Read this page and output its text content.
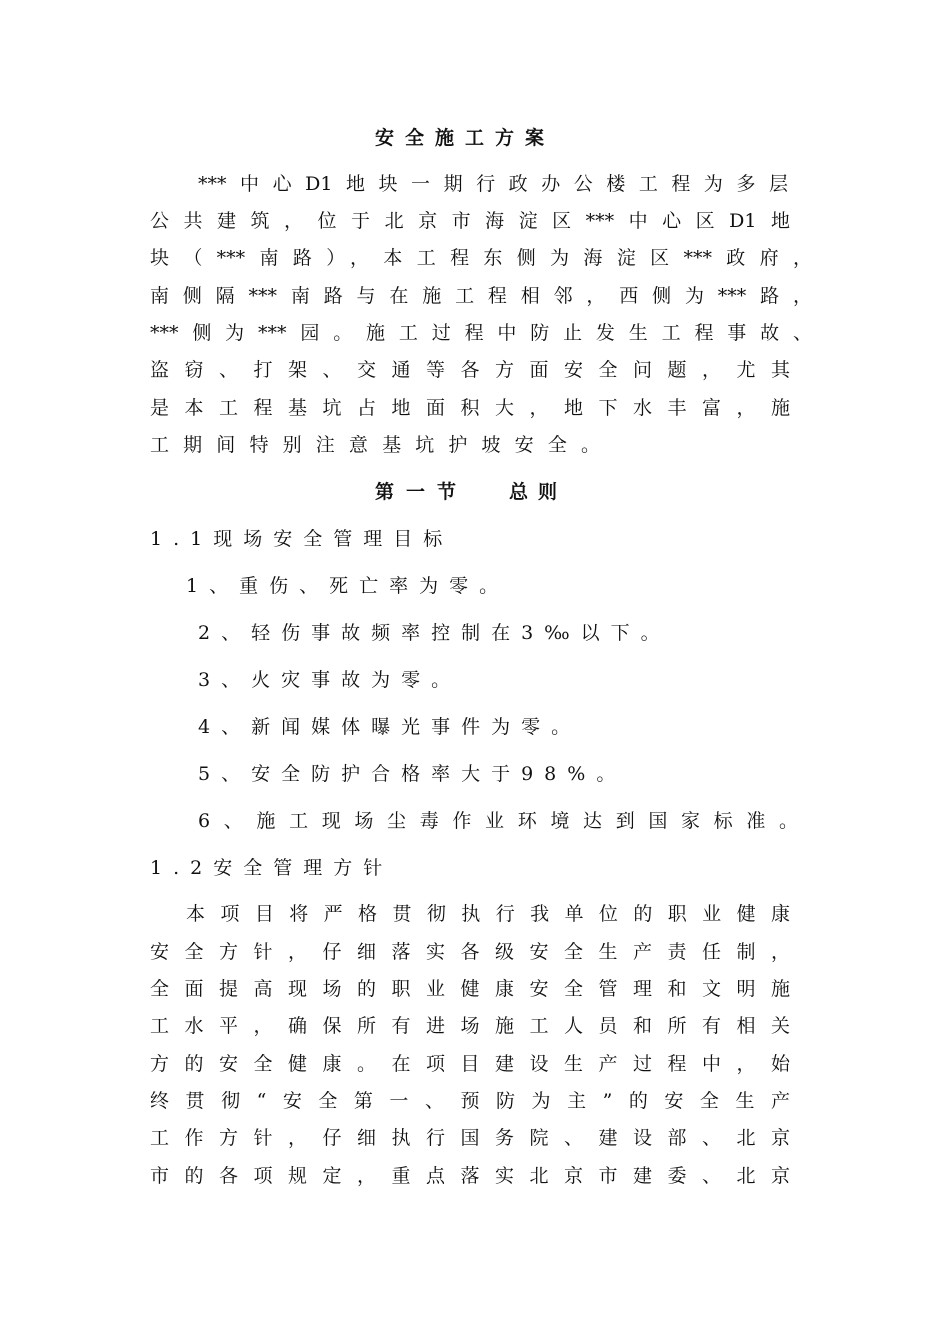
安全施工方案
***中心D1地块一期行政办公楼工程为多层
公共建筑，位于北京市海淀区***中心区D1地
块（***南路），本工程东侧为海淀区***政府，
南侧隔***南路与在施工程相邻，西侧为***路，
***侧为***园。施工过程中防止发生工程事故、
盗窃、打架、交通等各方面安全问题，尤其
是本工程基坑占地面积大，地下水丰富，施
工期间特别注意基坑护坡安全。
第一节 总则
1.1现场安全管理目标
1、重伤、死亡率为零。
2、轻伤事故频率控制在3‰以下。
3、火灾事故为零。
4、新闻媒体曝光事件为零。
5、安全防护合格率大于98%。
6、施工现场尘毒作业环境达到国家标准。
1.2安全管理方针
本项目将严格贯彻执行我单位的职业健康
安全方针，仔细落实各级安全生产责任制，
全面提高现场的职业健康安全管理和文明施
工水平，确保所有进场施工人员和所有相关
方的安全健康。在项目建设生产过程中，始
终贯彻“安全第一、预防为主”的安全生产
工作方针，仔细执行国务院、建设部、北京
市的各项规定，重点落实北京市建委、北京
